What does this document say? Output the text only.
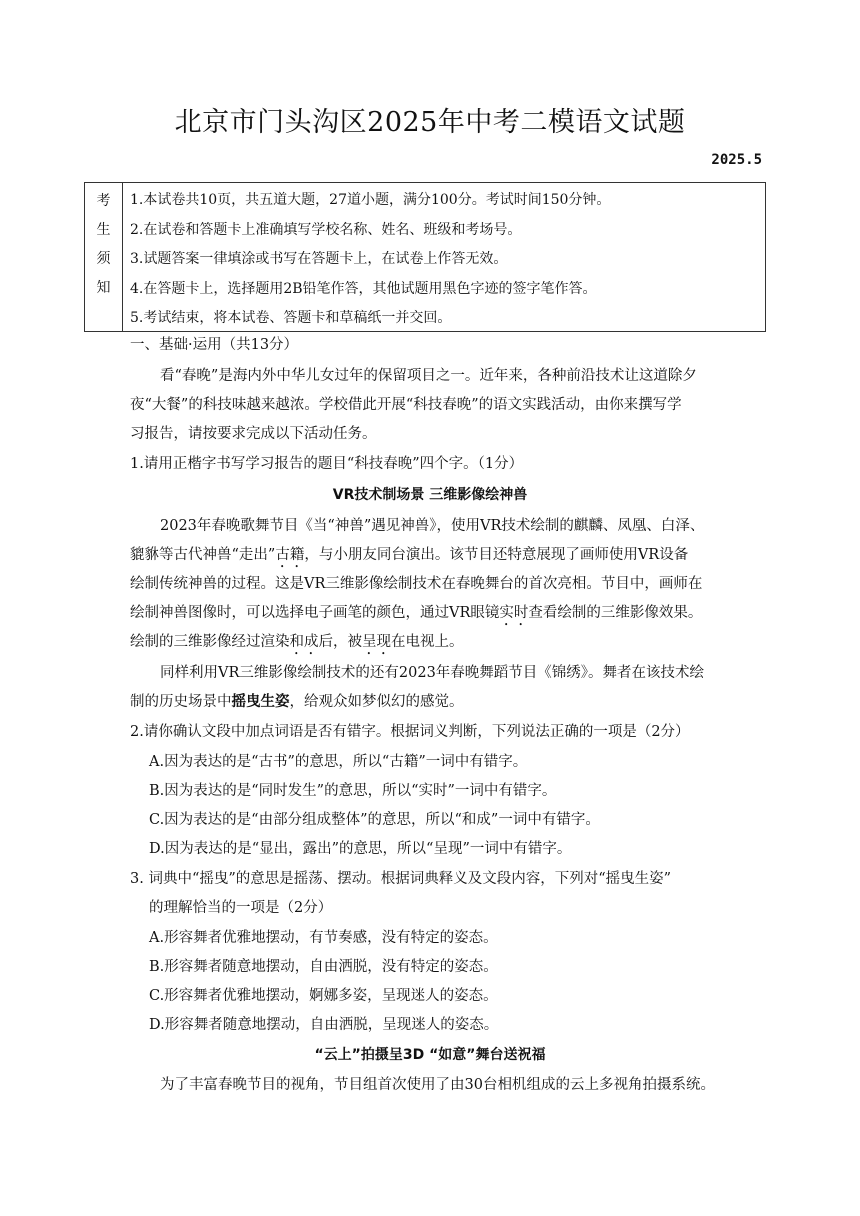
北京市门头沟区2025年中考二模语文试题
2025.5
考
生
须
知
1.本试卷共10页，共五道大题，27道小题，满分100分。考试时间150分钟。
2.在试卷和答题卡上准确填写学校名称、姓名、班级和考场号。
3.试题答案一律填涂或书写在答题卡上，在试卷上作答无效。
4.在答题卡上，选择题用2B铅笔作答，其他试题用黑色字迹的签字笔作答。
5.考试结束，将本试卷、答题卡和草稿纸一并交回。
一、基础·运用（共13分）
看“春晚”是海内外中华儿女过年的保留项目之一。近年来，各种前沿技术让这道除夕
夜“大餐”的科技味越来越浓。学校借此开展“科技春晚”的语文实践活动，由你来撰写学
习报告，请按要求完成以下活动任务。
1.请用正楷字书写学习报告的题目“科技春晚”四个字。（1分）
VR技术制场景 三维影像绘神兽
2023年春晚歌舞节目《当“神兽”遇见神兽》，使用VR技术绘制的麒麟、凤凰、白泽、
貔貅等古代神兽“走出”古籍，与小朋友同台演出。该节目还特意展现了画师使用VR设备
绘制传统神兽的过程。这是VR三维影像绘制技术在春晚舞台的首次亮相。节目中，画师在
绘制神兽图像时，可以选择电子画笔的颜色，通过VR眼镜实时查看绘制的三维影像效果。
绘制的三维影像经过渲染和成后，被呈现在电视上。
同样利用VR三维影像绘制技术的还有2023年春晚舞蹈节目《锦绣》。舞者在该技术绘
制的历史场景中摇曳生姿，给观众如梦似幻的感觉。
2.请你确认文段中加点词语是否有错字。根据词义判断，下列说法正确的一项是（2分）
A.因为表达的是“古书”的意思，所以“古籍”一词中有错字。
B.因为表达的是“同时发生”的意思，所以“实时”一词中有错字。
C.因为表达的是“由部分组成整体”的意思，所以“和成”一词中有错字。
D.因为表达的是“显出，露出”的意思，所以“呈现”一词中有错字。
3. 词典中“摇曳”的意思是摇荡、摆动。根据词典释义及文段内容，下列对“摇曳生姿”
的理解恰当的一项是（2分）
A.形容舞者优雅地摆动，有节奏感，没有特定的姿态。
B.形容舞者随意地摆动，自由洒脱，没有特定的姿态。
C.形容舞者优雅地摆动，婀娜多姿，呈现迷人的姿态。
D.形容舞者随意地摆动，自由洒脱，呈现迷人的姿态。
“云上”拍摄呈3D “如意”舞台送祝福
为了丰富春晚节目的视角，节目组首次使用了由30台相机组成的云上多视角拍摄系统。
